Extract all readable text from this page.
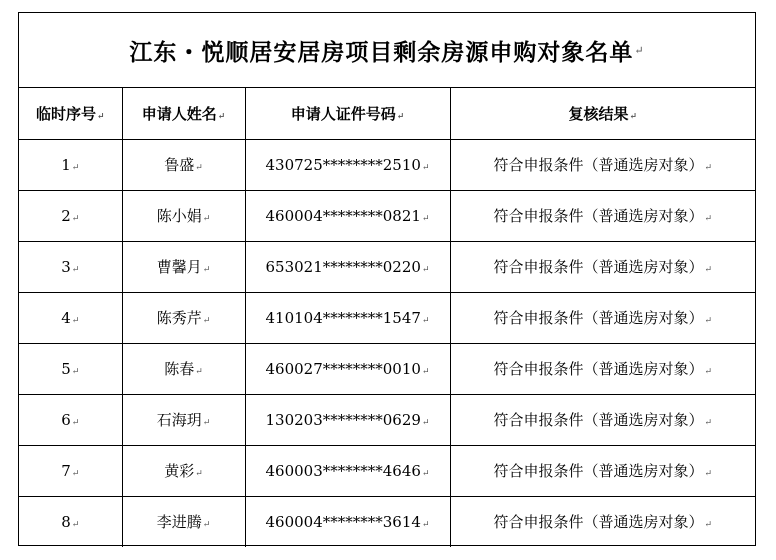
江东・悦顺居安居房项目剩余房源申购对象名单 ↵
临时序号↵	申请人姓名↵	申请人证件号码↵	复核结果↵
1↵	鲁盛↵	430725********2510↵	符合申报条件（普通选房对象）↵
2↵	陈小娟↵	460004********0821↵	符合申报条件（普通选房对象）↵
3↵	曹馨月↵	653021********0220↵	符合申报条件（普通选房对象）↵
4↵	陈秀芹↵	410104********1547↵	符合申报条件（普通选房对象）↵
5↵	陈春↵	460027********0010↵	符合申报条件（普通选房对象）↵
6↵	石海玥↵	130203********0629↵	符合申报条件（普通选房对象）↵
7↵	黄彩↵	460003********4646↵	符合申报条件（普通选房对象）↵
8↵	李进腾↵	460004********3614↵	符合申报条件（普通选房对象）↵
